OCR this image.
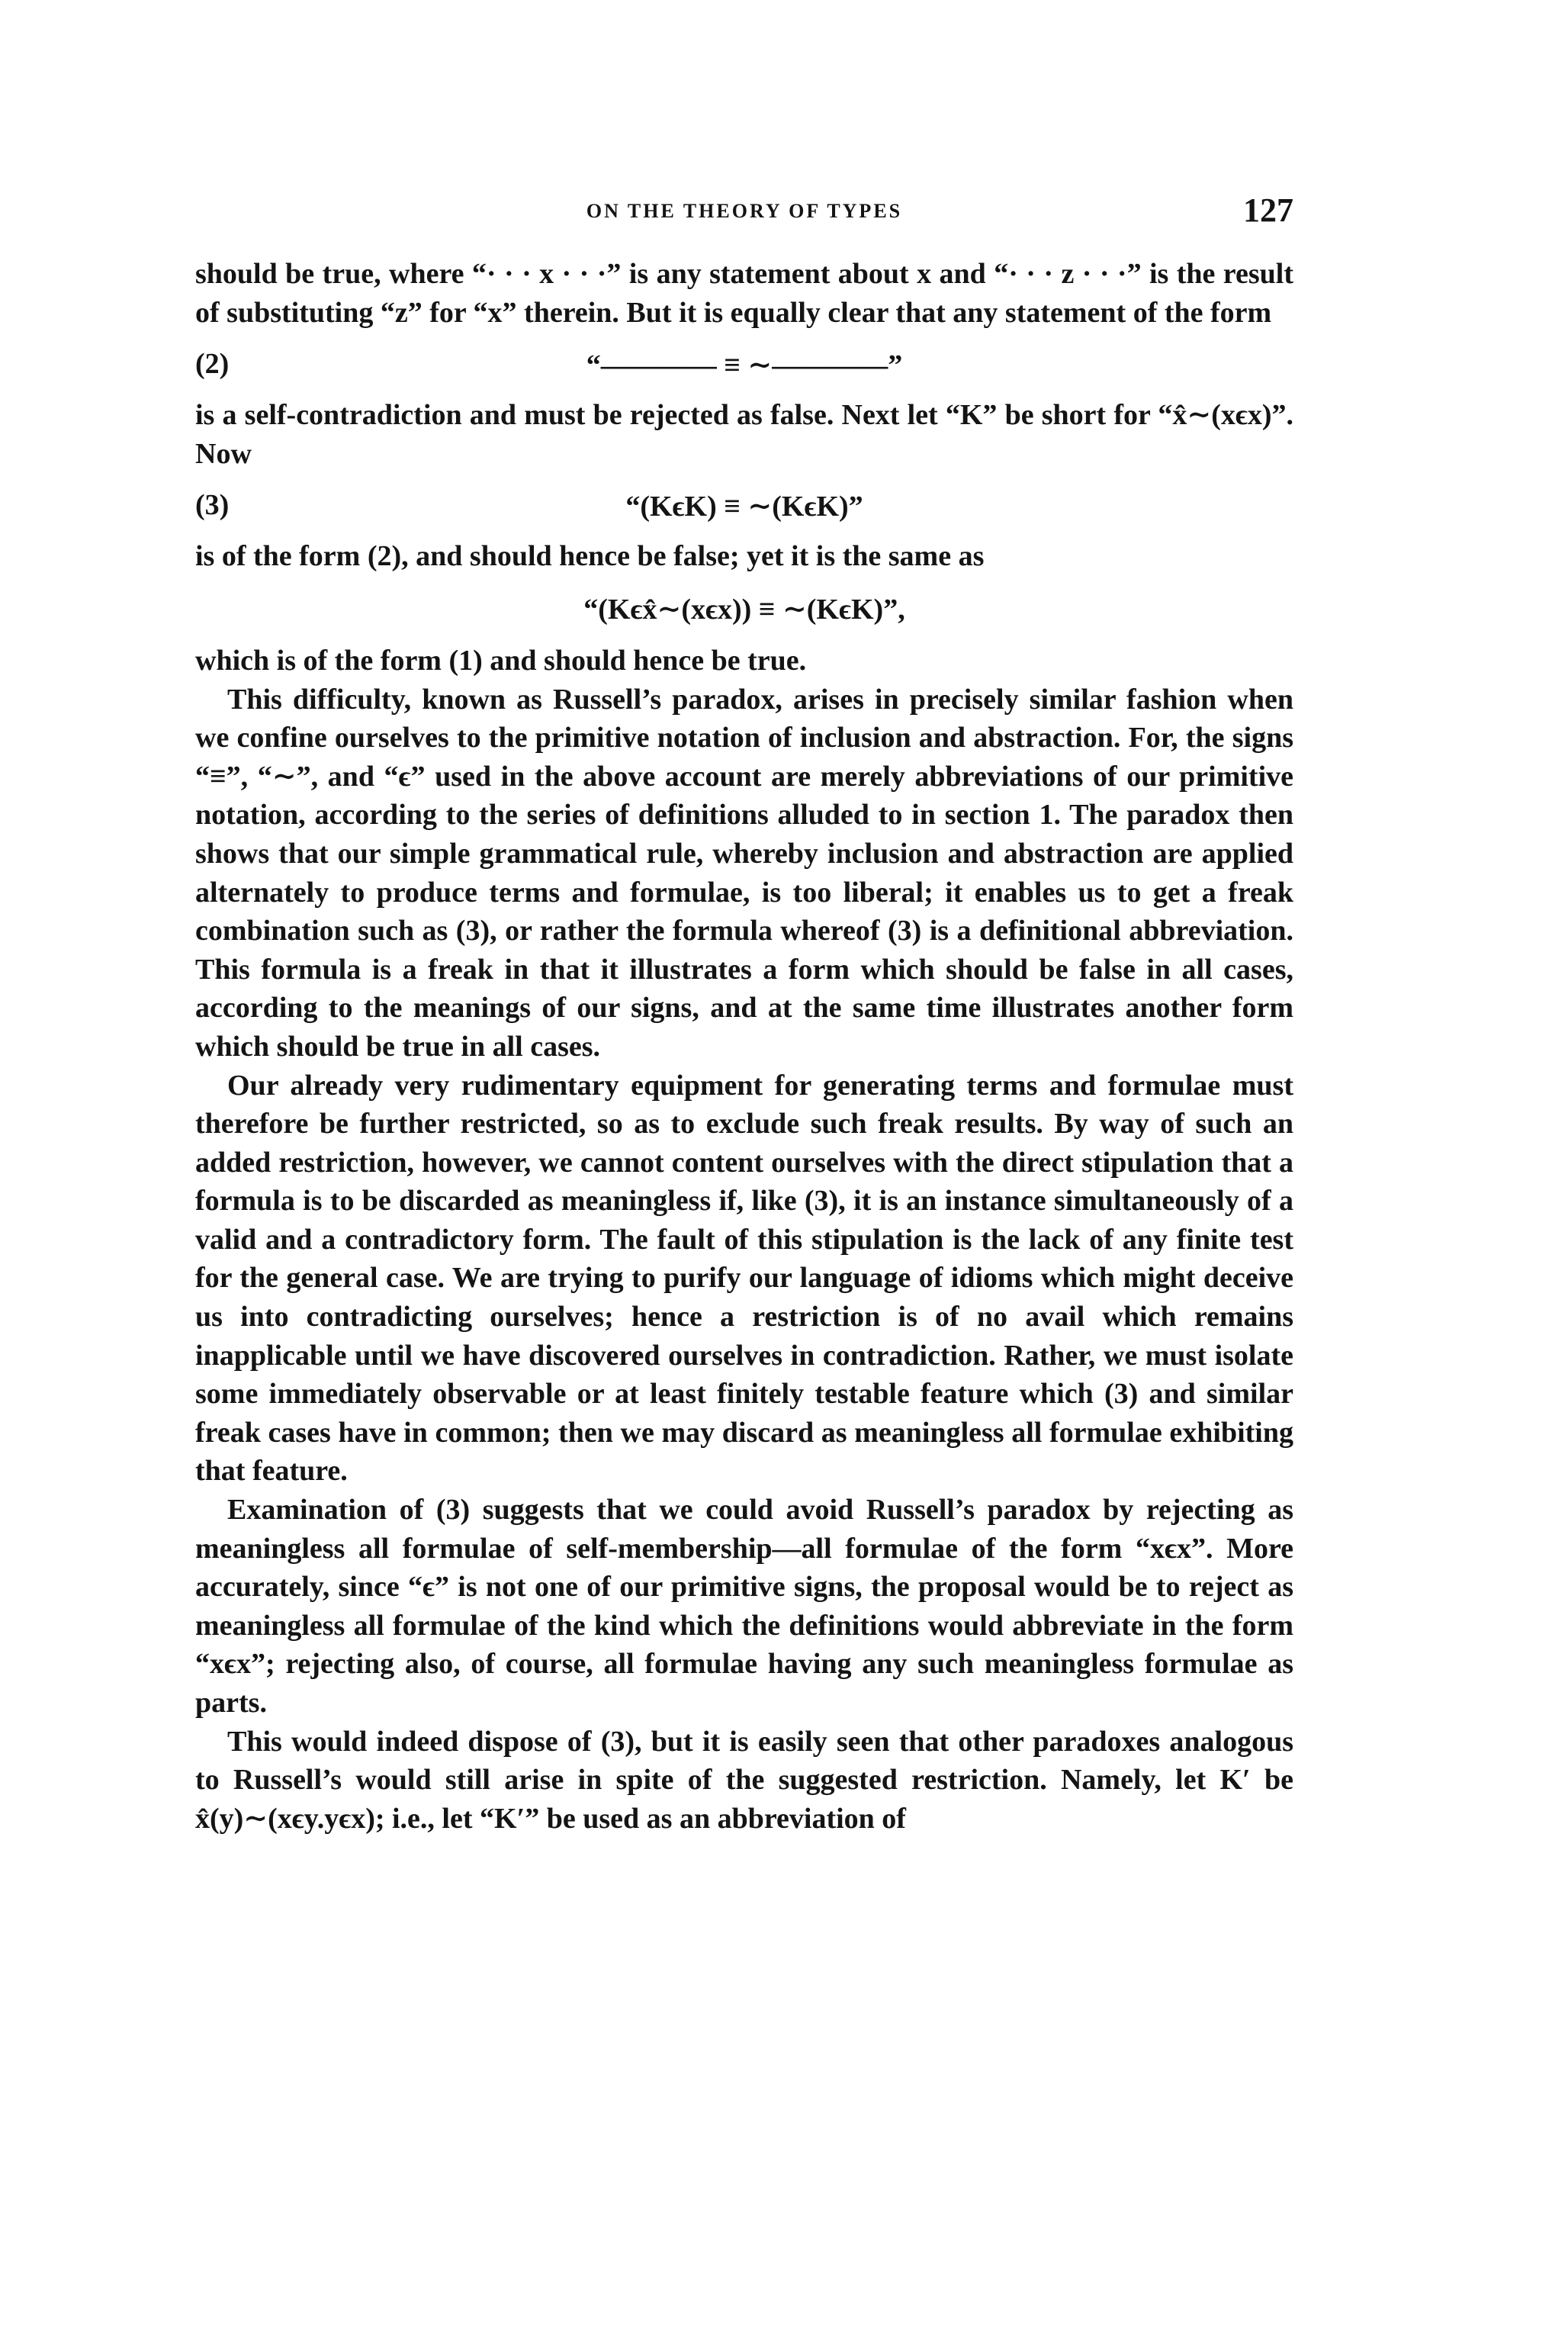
ON THE THEORY OF TYPES	127

should be true, where “· · · x · · ·” is any statement about x and “· · · z · · ·” is the result of substituting “z” for “x” therein. But it is equally clear that any statement of the form

(2)	“———— ≡ ∼————”

is a self-contradiction and must be rejected as false. Next let “K” be short for “x̂∼(xϵx)”. Now

(3)	“(KϵK) ≡ ∼(KϵK)”

is of the form (2), and should hence be false; yet it is the same as

“(Kϵx̂∼(xϵx)) ≡ ∼(KϵK)”,

which is of the form (1) and should hence be true.

This difficulty, known as Russell’s paradox, arises in precisely similar fashion when we confine ourselves to the primitive notation of inclusion and abstraction. For, the signs “≡”, “∼”, and “ϵ” used in the above account are merely abbreviations of our primitive notation, according to the series of definitions alluded to in section 1. The paradox then shows that our simple grammatical rule, whereby inclusion and abstraction are applied alternately to produce terms and formulae, is too liberal; it enables us to get a freak combination such as (3), or rather the formula whereof (3) is a definitional abbreviation. This formula is a freak in that it illustrates a form which should be false in all cases, according to the meanings of our signs, and at the same time illustrates another form which should be true in all cases.

Our already very rudimentary equipment for generating terms and formulae must therefore be further restricted, so as to exclude such freak results. By way of such an added restriction, however, we cannot content ourselves with the direct stipulation that a formula is to be discarded as meaningless if, like (3), it is an instance simultaneously of a valid and a contradictory form. The fault of this stipulation is the lack of any finite test for the general case. We are trying to purify our language of idioms which might deceive us into contradicting ourselves; hence a restriction is of no avail which remains inapplicable until we have discovered ourselves in contradiction. Rather, we must isolate some immediately observable or at least finitely testable feature which (3) and similar freak cases have in common; then we may discard as meaningless all formulae exhibiting that feature.

Examination of (3) suggests that we could avoid Russell’s paradox by rejecting as meaningless all formulae of self-membership—all formulae of the form “xϵx”. More accurately, since “ϵ” is not one of our primitive signs, the proposal would be to reject as meaningless all formulae of the kind which the definitions would abbreviate in the form “xϵx”; rejecting also, of course, all formulae having any such meaningless formulae as parts.

This would indeed dispose of (3), but it is easily seen that other paradoxes analogous to Russell’s would still arise in spite of the suggested restriction. Namely, let K′ be x̂(y)∼(xϵy.yϵx); i.e., let “K′” be used as an abbreviation of
